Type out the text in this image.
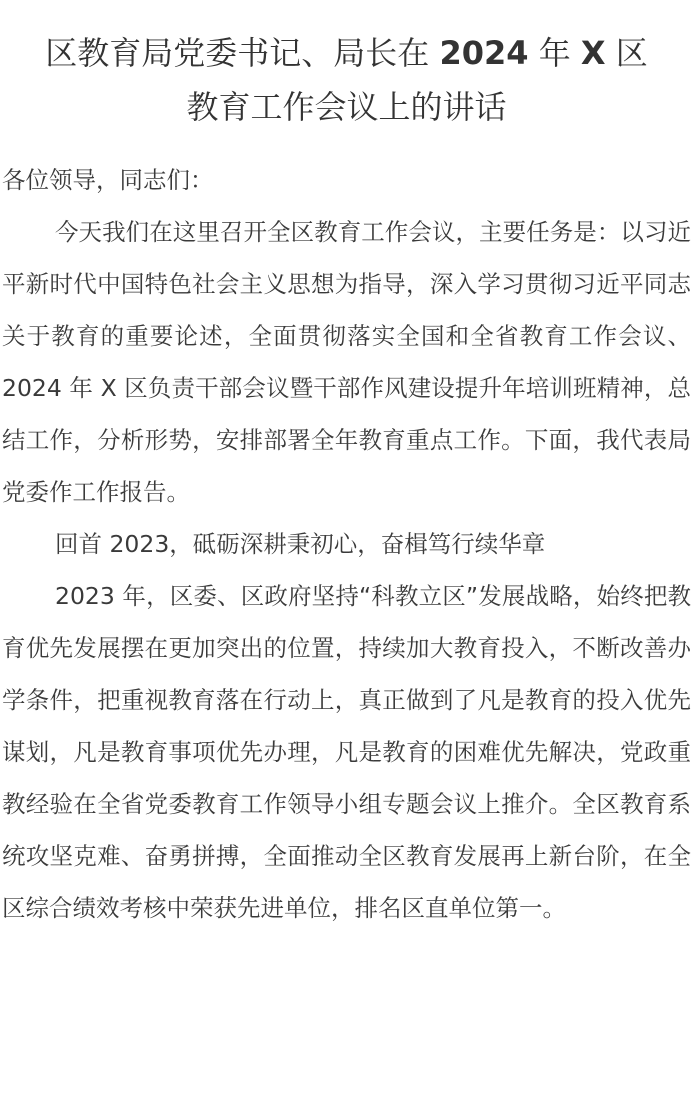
区教育局党委书记、局长在 2024 年 X 区
教育工作会议上的讲话

各位领导，同志们：

今天我们在这里召开全区教育工作会议，主要任务是：以习近平新时代中国特色社会主义思想为指导，深入学习贯彻习近平同志关于教育的重要论述，全面贯彻落实全国和全省教育工作会议、2024 年 X 区负责干部会议暨干部作风建设提升年培训班精神，总结工作，分析形势，安排部署全年教育重点工作。下面，我代表局党委作工作报告。

回首 2023，砥砺深耕秉初心，奋楫笃行续华章

2023 年，区委、区政府坚持“科教立区”发展战略，始终把教育优先发展摆在更加突出的位置，持续加大教育投入，不断改善办学条件，把重视教育落在行动上，真正做到了凡是教育的投入优先谋划，凡是教育事项优先办理，凡是教育的困难优先解决，党政重教经验在全省党委教育工作领导小组专题会议上推介。全区教育系统攻坚克难、奋勇拼搏，全面推动全区教育发展再上新台阶，在全区综合绩效考核中荣获先进单位，排名区直单位第一。
